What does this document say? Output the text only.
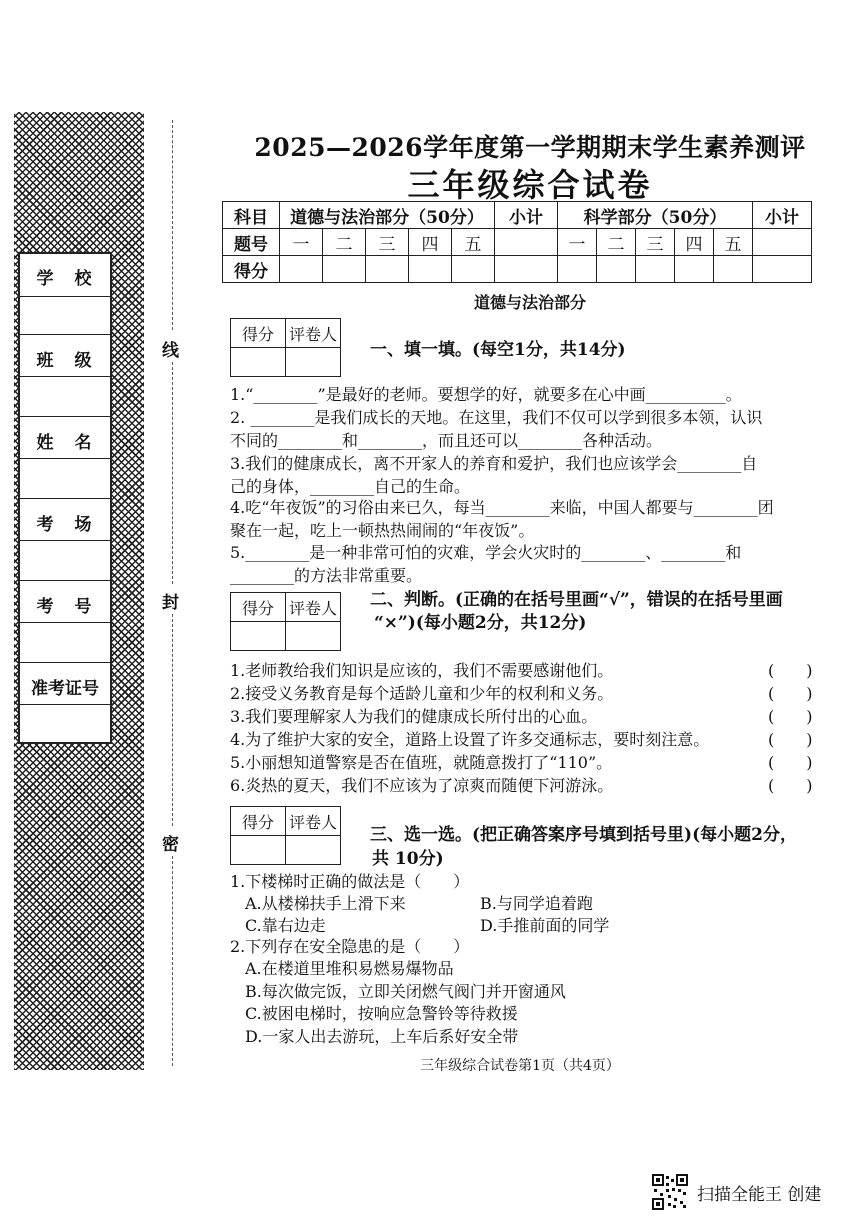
学　校
班　级
姓　名
考　场
考　号
准考证号
线
封
密
2025—2026学年度第一学期期末学生素养测评
三年级综合试卷
科目	道德与法治部分（50分）					小计	科学部分（50分）					小计
题号	一	二	三	四	五		一	二	三	四	五	
得分												
道德与法治部分
得分	评卷人

一、填一填。(每空1分，共14分)
1.“________”是最好的老师。要想学的好，就要多在心中画__________。
2. ________是我们成长的天地。在这里，我们不仅可以学到很多本领，认识
不同的________和________，而且还可以________各种活动。
3.我们的健康成长，离不开家人的养育和爱护，我们也应该学会________自
己的身体，________自己的生命。
4.吃“年夜饭”的习俗由来已久，每当________来临，中国人都要与________团
聚在一起，吃上一顿热热闹闹的“年夜饭”。
5.________是一种非常可怕的灾难，学会火灾时的________、________和
________的方法非常重要。
得分	评卷人
	二、判断。(正确的在括号里画“√”，错误的在括号里画
“×”)(每小题2分，共12分)
1.老师教给我们知识是应该的，我们不需要感谢他们。	(　　)
2.接受义务教育是每个适龄儿童和少年的权利和义务。	(　　)
3.我们要理解家人为我们的健康成长所付出的心血。	(　　)
4.为了维护大家的安全，道路上设置了许多交通标志，要时刻注意。	(　　)
5.小丽想知道警察是否在值班，就随意拨打了“110”。	(　　)
6.炎热的夏天，我们不应该为了凉爽而随便下河游泳。	(　　)
得分	评卷人

三、选一选。(把正确答案序号填到括号里)(每小题2分，
共 10分)
1.下楼梯时正确的做法是（　　）
A.从楼梯扶手上滑下来	B.与同学追着跑
C.靠右边走	D.手推前面的同学
2.下列存在安全隐患的是（　　）
A.在楼道里堆积易燃易爆物品
B.每次做完饭，立即关闭燃气阀门并开窗通风
C.被困电梯时，按响应急警铃等待救援
D.一家人出去游玩，上车后系好安全带
三年级综合试卷第1页（共4页）
扫描全能王 创建
